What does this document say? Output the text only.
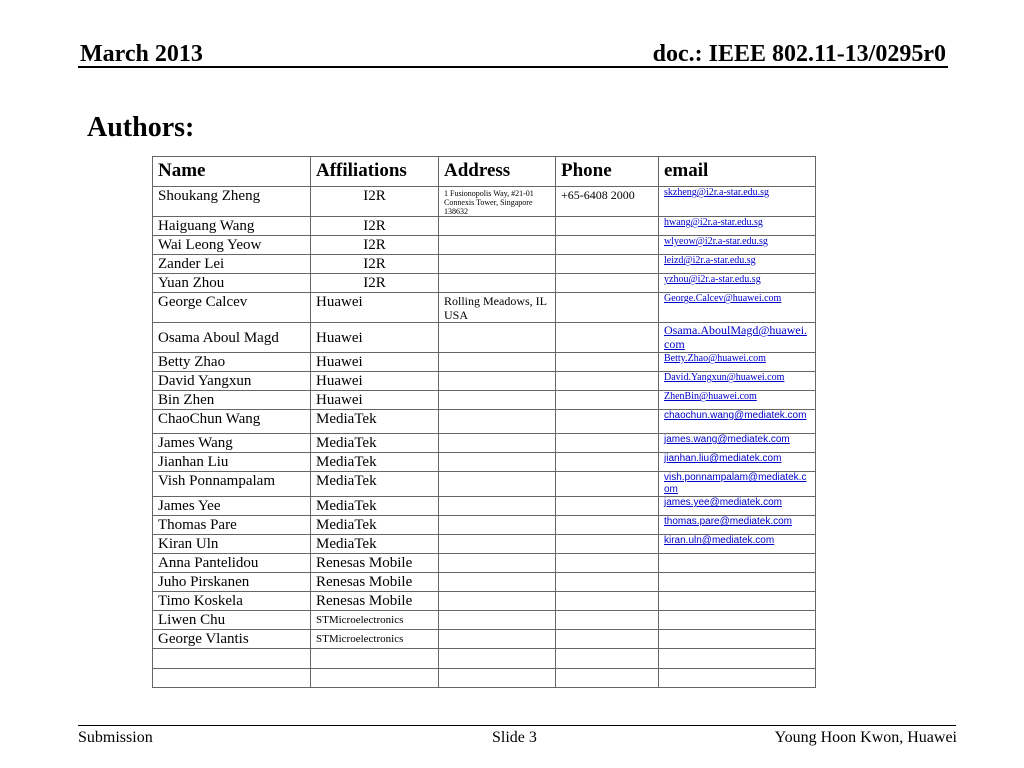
March 2013	doc.: IEEE 802.11-13/0295r0
Authors:
Name	Affiliations	Address	Phone	email
Shoukang Zheng	I2R	1 Fusionopolis Way, #21-01 Connexis Tower, Singapore 138632	+65-6408 2000	skzheng@i2r.a-star.edu.sg

Haiguang Wang	I2R			hwang@i2r.a-star.edu.sg

Wai Leong Yeow	I2R			wlyeow@i2r.a-star.edu.sg

Zander Lei	I2R			leizd@i2r.a-star.edu.sg

Yuan Zhou	I2R			yzhou@i2r.a-star.edu.sg

George Calcev	Huawei	Rolling Meadows, IL USA		George.Calcev@huawei.com

Osama Aboul Magd	Huawei			Osama.AboulMagd@huawei.com

Betty Zhao	Huawei			Betty.Zhao@huawei.com

David Yangxun	Huawei			David.Yangxun@huawei.com

Bin Zhen	Huawei			ZhenBin@huawei.com

ChaoChun Wang	MediaTek			chaochun.wang@mediatek.com

James Wang	MediaTek			james.wang@mediatek.com

Jianhan Liu	MediaTek			jianhan.liu@mediatek.com

Vish Ponnampalam	MediaTek			vish.ponnampalam@mediatek.com

James Yee	MediaTek			james.yee@mediatek.com

Thomas Pare	MediaTek			thomas.pare@mediatek.com

Kiran Uln	MediaTek			kiran.uln@mediatek.com

Anna Pantelidou	Renesas Mobile			
Juho Pirskanen	Renesas Mobile			
Timo Koskela	Renesas Mobile			
Liwen Chu	STMicroelectronics			

George Vlantis	STMicroelectronics			

Submission	Slide 3	Young Hoon Kwon, Huawei
